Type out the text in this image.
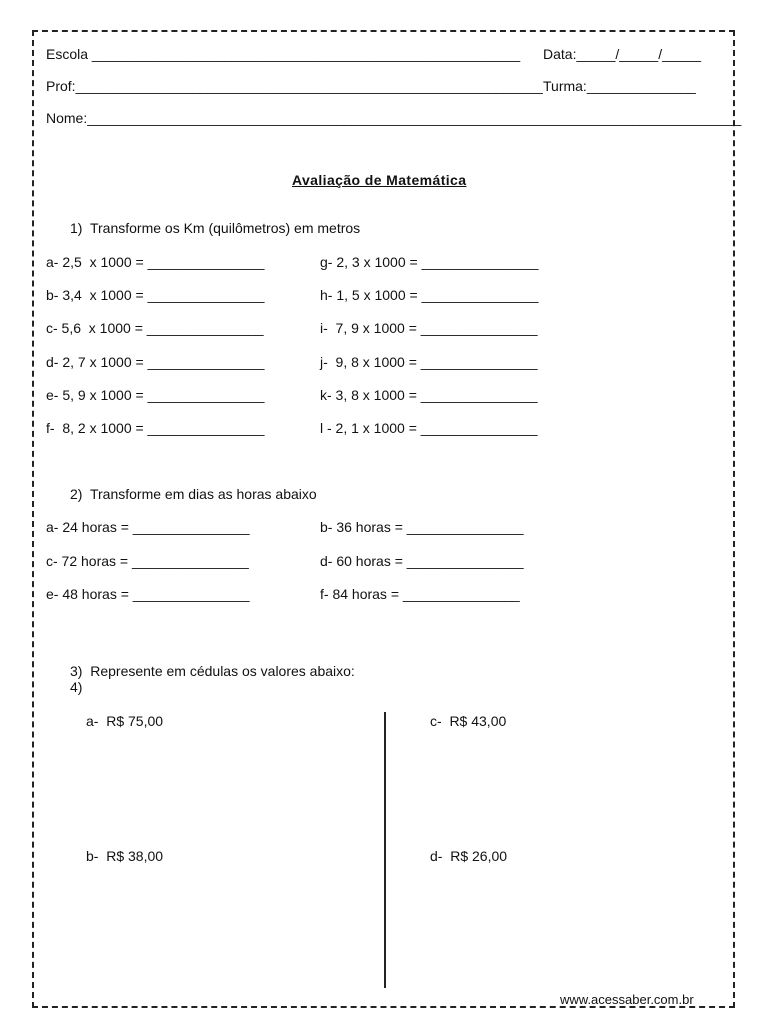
Escola _______________________________________________________ Data:_____/_____/_____
Prof:____________________________________________________________ Turma:______________
Nome:____________________________________________________________________________________
Avaliação de Matemática
1)  Transforme os Km (quilômetros) em metros
a- 2,5  x 1000 = _______________
b- 3,4  x 1000 = _______________
c- 5,6  x 1000 = _______________
d- 2, 7 x 1000 = _______________
e- 5, 9 x 1000 = _______________
f-  8, 2 x 1000 = _______________
g- 2, 3 x 1000 = _______________
h- 1, 5 x 1000 = _______________
i-  7, 9 x 1000 = _______________
j-  9, 8 x 1000 = _______________
k- 3, 8 x 1000 = _______________
l - 2, 1 x 1000 = _______________
2)  Transforme em dias as horas abaixo
a- 24 horas = _______________
c- 72 horas = _______________
e- 48 horas = _______________
b- 36 horas = _______________
d- 60 horas = _______________
f- 84 horas = _______________
3)  Represente em cédulas os valores abaixo:
4)
a-  R$ 75,00	c-  R$ 43,00
b-  R$ 38,00	d-  R$ 26,00
www.acessaber.com.br
